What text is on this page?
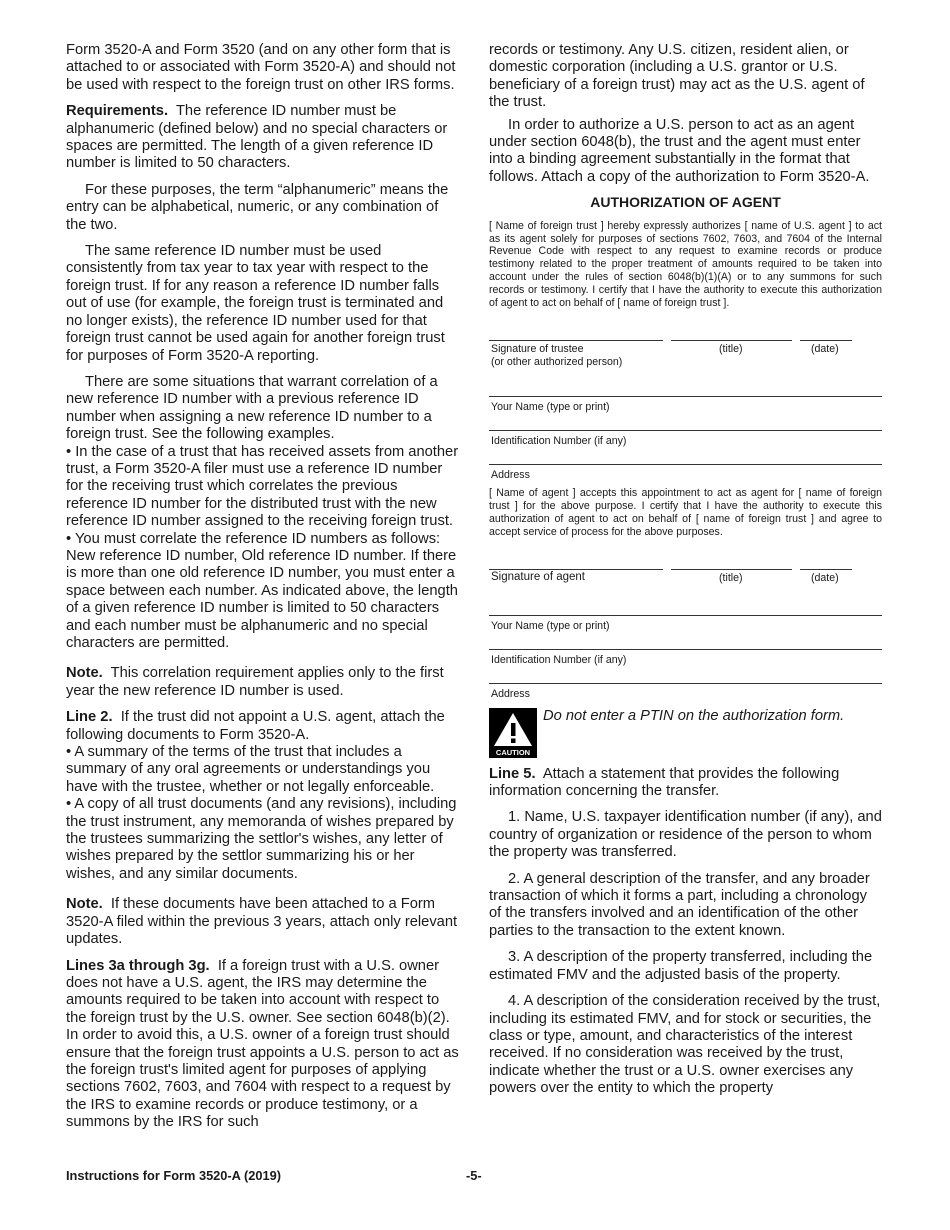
Form 3520-A and Form 3520 (and on any other form that is attached to or associated with Form 3520-A) and should not be used with respect to the foreign trust on other IRS forms.

Requirements. The reference ID number must be alphanumeric (defined below) and no special characters or spaces are permitted. The length of a given reference ID number is limited to 50 characters.

For these purposes, the term “alphanumeric” means the entry can be alphabetical, numeric, or any combination of the two.

The same reference ID number must be used consistently from tax year to tax year with respect to the foreign trust. If for any reason a reference ID number falls out of use (for example, the foreign trust is terminated and no longer exists), the reference ID number used for that foreign trust cannot be used again for another foreign trust for purposes of Form 3520-A reporting.

There are some situations that warrant correlation of a new reference ID number with a previous reference ID number when assigning a new reference ID number to a foreign trust. See the following examples.

• In the case of a trust that has received assets from another trust, a Form 3520-A filer must use a reference ID number for the receiving trust which correlates the previous reference ID number for the distributed trust with the new reference ID number assigned to the receiving foreign trust.

• You must correlate the reference ID numbers as follows: New reference ID number, Old reference ID number. If there is more than one old reference ID number, you must enter a space between each number. As indicated above, the length of a given reference ID number is limited to 50 characters and each number must be alphanumeric and no special characters are permitted.

Note. This correlation requirement applies only to the first year the new reference ID number is used.

Line 2. If the trust did not appoint a U.S. agent, attach the following documents to Form 3520-A.

• A summary of the terms of the trust that includes a summary of any oral agreements or understandings you have with the trustee, whether or not legally enforceable.

• A copy of all trust documents (and any revisions), including the trust instrument, any memoranda of wishes prepared by the trustees summarizing the settlor's wishes, any letter of wishes prepared by the settlor summarizing his or her wishes, and any similar documents.

Note. If these documents have been attached to a Form 3520-A filed within the previous 3 years, attach only relevant updates.

Lines 3a through 3g. If a foreign trust with a U.S. owner does not have a U.S. agent, the IRS may determine the amounts required to be taken into account with respect to the foreign trust by the U.S. owner. See section 6048(b)(2). In order to avoid this, a U.S. owner of a foreign trust should ensure that the foreign trust appoints a U.S. person to act as the foreign trust's limited agent for purposes of applying sections 7602, 7603, and 7604 with respect to a request by the IRS to examine records or produce testimony, or a summons by the IRS for such

records or testimony. Any U.S. citizen, resident alien, or domestic corporation (including a U.S. grantor or U.S. beneficiary of a foreign trust) may act as the U.S. agent of the trust.

In order to authorize a U.S. person to act as an agent under section 6048(b), the trust and the agent must enter into a binding agreement substantially in the format that follows. Attach a copy of the authorization to Form 3520-A.

AUTHORIZATION OF AGENT
[ Name of foreign trust ] hereby expressly authorizes [ name of U.S. agent ] to act as its agent solely for purposes of sections 7602, 7603, and 7604 of the Internal Revenue Code with respect to any request to examine records or produce testimony related to the proper treatment of amounts required to be taken into account under the rules of section 6048(b)(1)(A) or to any summons for such records or testimony. I certify that I have the authority to execute this authorization of agent to act on behalf of [ name of foreign trust ].
Signature of trustee
(or other authorized person)
(title)	(date)
Your Name (type or print)
Identification Number (if any)
Address
[ Name of agent ] accepts this appointment to act as agent for [ name of foreign trust ] for the above purpose. I certify that I have the authority to execute this authorization of agent to act on behalf of [ name of foreign trust ] and agree to accept service of process for the above purposes.
Signature of agent	(title)	(date)
Your Name (type or print)
Identification Number (if any)
Address
CAUTION
Do not enter a PTIN on the authorization form.

Line 5. Attach a statement that provides the following information concerning the transfer.

1. Name, U.S. taxpayer identification number (if any), and country of organization or residence of the person to whom the property was transferred.

2. A general description of the transfer, and any broader transaction of which it forms a part, including a chronology of the transfers involved and an identification of the other parties to the transaction to the extent known.

3. A description of the property transferred, including the estimated FMV and the adjusted basis of the property.

4. A description of the consideration received by the trust, including its estimated FMV, and for stock or securities, the class or type, amount, and characteristics of the interest received. If no consideration was received by the trust, indicate whether the trust or a U.S. owner exercises any powers over the entity to which the property

Instructions for Form 3520-A (2019)	-5-
